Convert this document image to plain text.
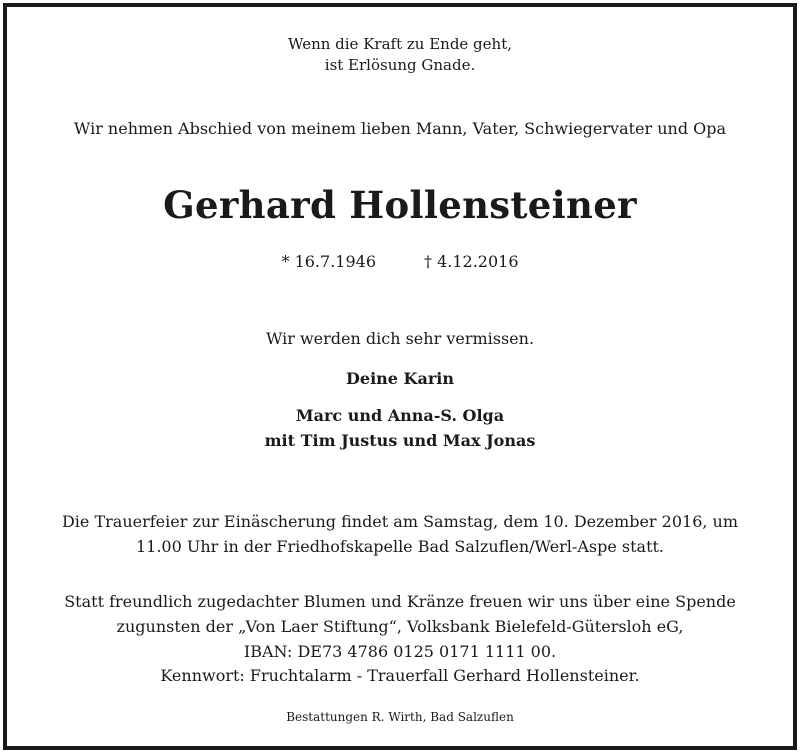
Wenn die Kraft zu Ende geht,

ist Erlösung Gnade.

Wir nehmen Abschied von meinem lieben Mann, Vater, Schwiegervater und Opa

Gerhard Hollensteiner

* 16.7.1946	† 4.12.2016

Wir werden dich sehr vermissen.

Deine Karin

Marc und Anna-S. Olga

mit Tim Justus und Max Jonas

Die Trauerfeier zur Einäscherung findet am Samstag, dem 10. Dezember 2016, um

11.00 Uhr in der Friedhofskapelle Bad Salzuflen/Werl-Aspe statt.

Statt freundlich zugedachter Blumen und Kränze freuen wir uns über eine Spende

zugunsten der „Von Laer Stiftung“, Volksbank Bielefeld-Gütersloh eG,

IBAN: DE73 4786 0125 0171 1111 00.

Kennwort: Fruchtalarm - Trauerfall Gerhard Hollensteiner.

Bestattungen R. Wirth, Bad Salzuflen
